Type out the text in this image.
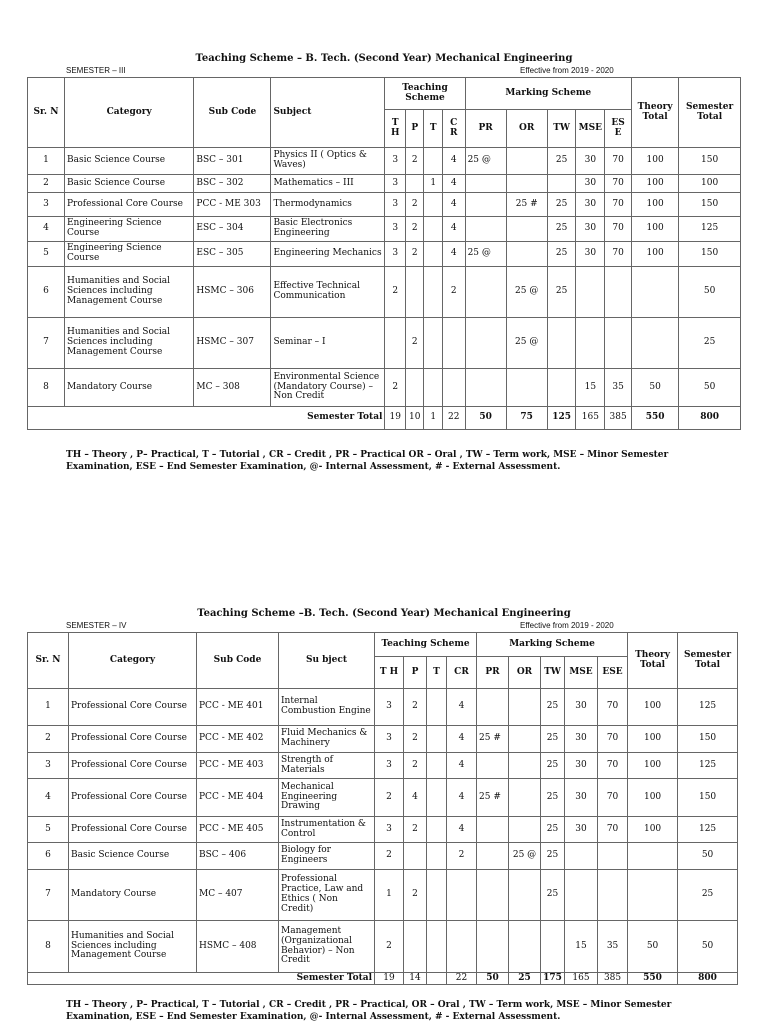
Teaching Scheme – B. Tech. (Second Year) Mechanical Engineering
SEMESTER – III	Effective from 2019 - 2020
Sr. N	Category	Sub Code	Subject	Teaching Scheme				Marking Scheme					Theory Total	Semester Total
				T H	P	T	C R	PR	OR	TW	MSE	ES E		
1	Basic Science Course	BSC – 301	Physics II ( Optics & Waves)	3	2		4	25 @		25	30	70	100	150
2	Basic Science Course	BSC – 302	Mathematics – III	3		1	4				30	70	100	100
3	Professional Core Course	PCC - ME 303	Thermodynamics	3	2		4		25 #	25	30	70	100	150
4	Engineering Science Course	ESC – 304	Basic Electronics Engineering	3	2		4			25	30	70	100	125
5	Engineering Science Course	ESC – 305	Engineering Mechanics	3	2		4	25 @		25	30	70	100	150
6	Humanities and Social Sciences including Management Course	HSMC – 306	Effective Technical Communication	2			2		25 @	25				50
7	Humanities and Social Sciences including Management Course	HSMC – 307	Seminar – I		2				25 @					25
8	Mandatory Course	MC – 308	Environmental Science (Mandatory Course) – Non Credit	2							15	35	50	50
Semester Total				19	10	1	22	50	75	125	165	385	550	800
TH – Theory , P– Practical, T – Tutorial , CR – Credit , PR – Practical OR – Oral , TW – Term work, MSE – Minor Semester Examination, ESE – End Semester Examination, @- Internal Assessment, # - External Assessment.
Teaching Scheme –B. Tech. (Second Year) Mechanical Engineering
SEMESTER – IV	Effective from 2019 - 2020
Sr. N	Category	Sub Code	Su bject	Teaching Scheme				Marking Scheme					Theory Total	Semester Total
				T H	P	T	CR	PR	OR	TW	MSE	ESE		
1	Professional Core Course	PCC - ME 401	Internal Combustion Engine	3	2		4			25	30	70	100	125
2	Professional Core Course	PCC - ME 402	Fluid Mechanics & Machinery	3	2		4	25 #		25	30	70	100	150
3	Professional Core Course	PCC - ME 403	Strength of Materials	3	2		4			25	30	70	100	125
4	Professional Core Course	PCC - ME 404	Mechanical Engineering Drawing	2	4		4	25 #		25	30	70	100	150
5	Professional Core Course	PCC - ME 405	Instrumentation & Control	3	2		4			25	30	70	100	125
6	Basic Science Course	BSC – 406	Biology for Engineers	2			2		25 @	25				50
7	Mandatory Course	MC – 407	Professional Practice, Law and Ethics ( Non Credit)	1	2					25				25
8	Humanities and Social Sciences including Management Course	HSMC – 408	Management (Organizational Behavior) – Non Credit	2							15	35	50	50
Semester Total				19	14		22	50	25	175	165	385	550	800
TH – Theory , P– Practical, T – Tutorial , CR – Credit , PR – Practical, OR – Oral , TW – Term work, MSE – Minor Semester Examination, ESE – End Semester Examination, @- Internal Assessment, # - External Assessment.
